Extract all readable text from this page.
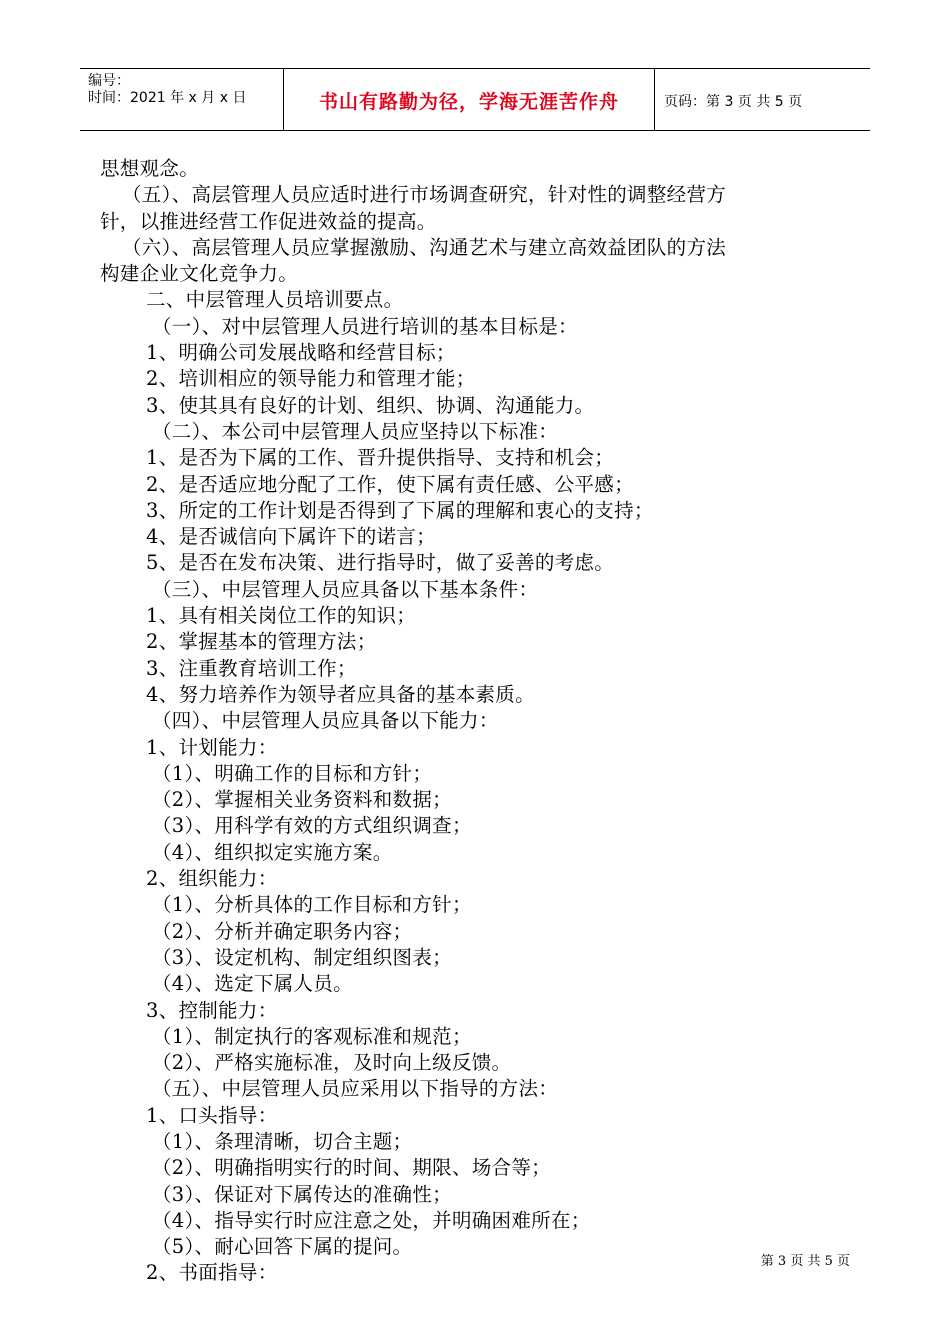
编号：
时间：2021 年 x 月 x 日	书山有路勤为径，学海无涯苦作舟	页码：第 3 页 共 5 页
思想观念。
（五）、高层管理人员应适时进行市场调查研究，针对性的调整经营方
针，以推进经营工作促进效益的提高。
（六）、高层管理人员应掌握激励、沟通艺术与建立高效益团队的方法
构建企业文化竞争力。
二、中层管理人员培训要点。
（一）、对中层管理人员进行培训的基本目标是：
1、明确公司发展战略和经营目标；
2、培训相应的领导能力和管理才能；
3、使其具有良好的计划、组织、协调、沟通能力。
（二）、本公司中层管理人员应坚持以下标准：
1、是否为下属的工作、晋升提供指导、支持和机会；
2、是否适应地分配了工作，使下属有责任感、公平感；
3、所定的工作计划是否得到了下属的理解和衷心的支持；
4、是否诚信向下属许下的诺言；
5、是否在发布决策、进行指导时，做了妥善的考虑。
（三）、中层管理人员应具备以下基本条件：
1、具有相关岗位工作的知识；
2、掌握基本的管理方法；
3、注重教育培训工作；
4、努力培养作为领导者应具备的基本素质。
（四）、中层管理人员应具备以下能力：
1、计划能力：
（1）、明确工作的目标和方针；
（2）、掌握相关业务资料和数据；
（3）、用科学有效的方式组织调查；
（4）、组织拟定实施方案。
2、组织能力：
（1）、分析具体的工作目标和方针；
（2）、分析并确定职务内容；
（3）、设定机构、制定组织图表；
（4）、选定下属人员。
3、控制能力：
（1）、制定执行的客观标准和规范；
（2）、严格实施标准，及时向上级反馈。
（五）、中层管理人员应采用以下指导的方法：
1、口头指导：
（1）、条理清晰，切合主题；
（2）、明确指明实行的时间、期限、场合等；
（3）、保证对下属传达的准确性；
（4）、指导实行时应注意之处，并明确困难所在；
（5）、耐心回答下属的提问。
2、书面指导：	第 3 页 共 5 页
